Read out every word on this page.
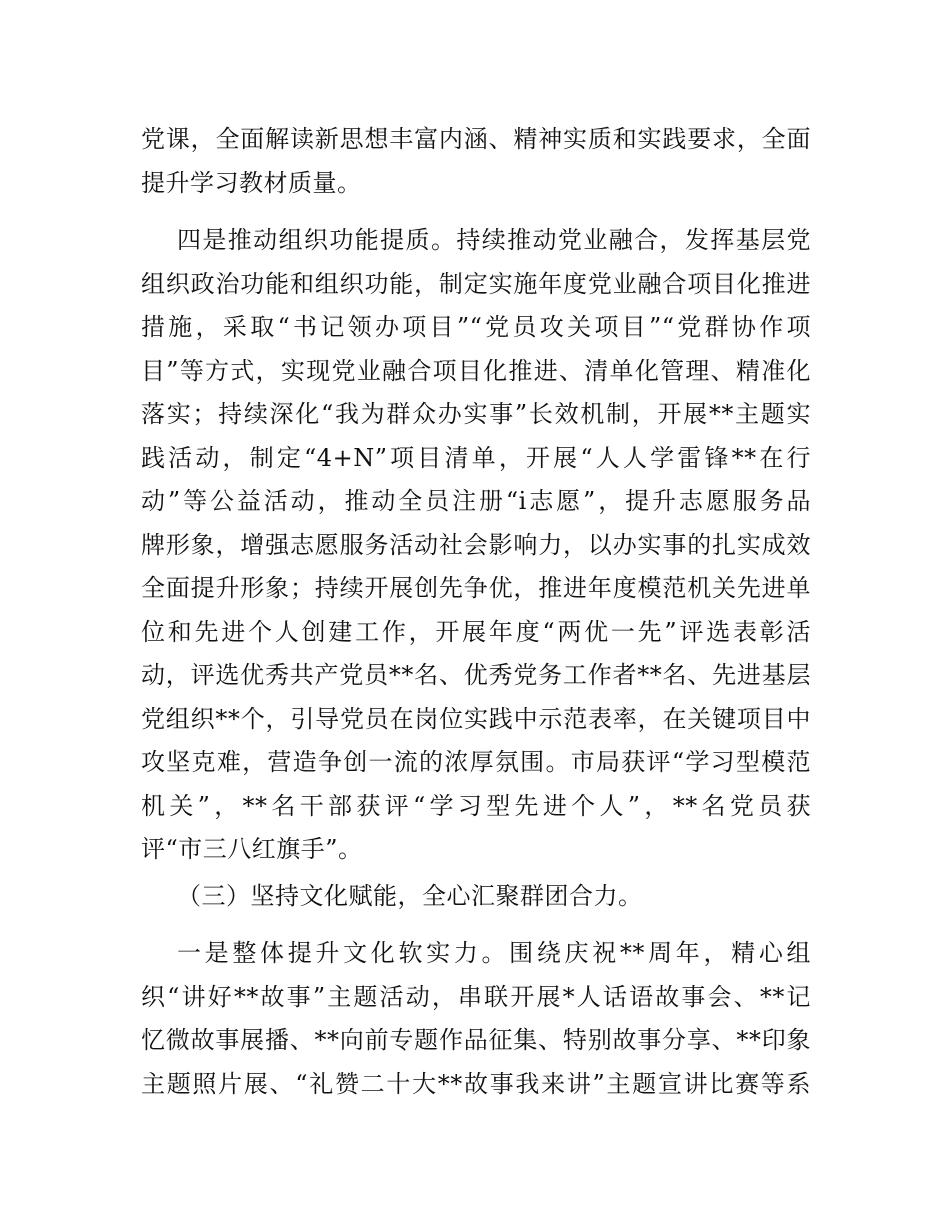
党课，全面解读新思想丰富内涵、精神实质和实践要求，全面
提升学习教材质量。
四是推动组织功能提质。持续推动党业融合，发挥基层党
组织政治功能和组织功能，制定实施年度党业融合项目化推进
措施，采取“书记领办项目”“党员攻关项目”“党群协作项
目”等方式，实现党业融合项目化推进、清单化管理、精准化
落实；持续深化“我为群众办实事”长效机制，开展**主题实
践活动，制定“4+N”项目清单，开展“人人学雷锋**在行
动”等公益活动，推动全员注册“i志愿”，提升志愿服务品
牌形象，增强志愿服务活动社会影响力，以办实事的扎实成效
全面提升形象；持续开展创先争优，推进年度模范机关先进单
位和先进个人创建工作，开展年度“两优一先”评选表彰活
动，评选优秀共产党员**名、优秀党务工作者**名、先进基层
党组织**个，引导党员在岗位实践中示范表率，在关键项目中
攻坚克难，营造争创一流的浓厚氛围。市局获评“学习型模范
机关”，**名干部获评“学习型先进个人”，**名党员获
评“市三八红旗手”。
（三）坚持文化赋能，全心汇聚群团合力。
一是整体提升文化软实力。围绕庆祝**周年，精心组
织“讲好**故事”主题活动，串联开展*人话语故事会、**记
忆微故事展播、**向前专题作品征集、特别故事分享、**印象
主题照片展、“礼赞二十大**故事我来讲”主题宣讲比赛等系
